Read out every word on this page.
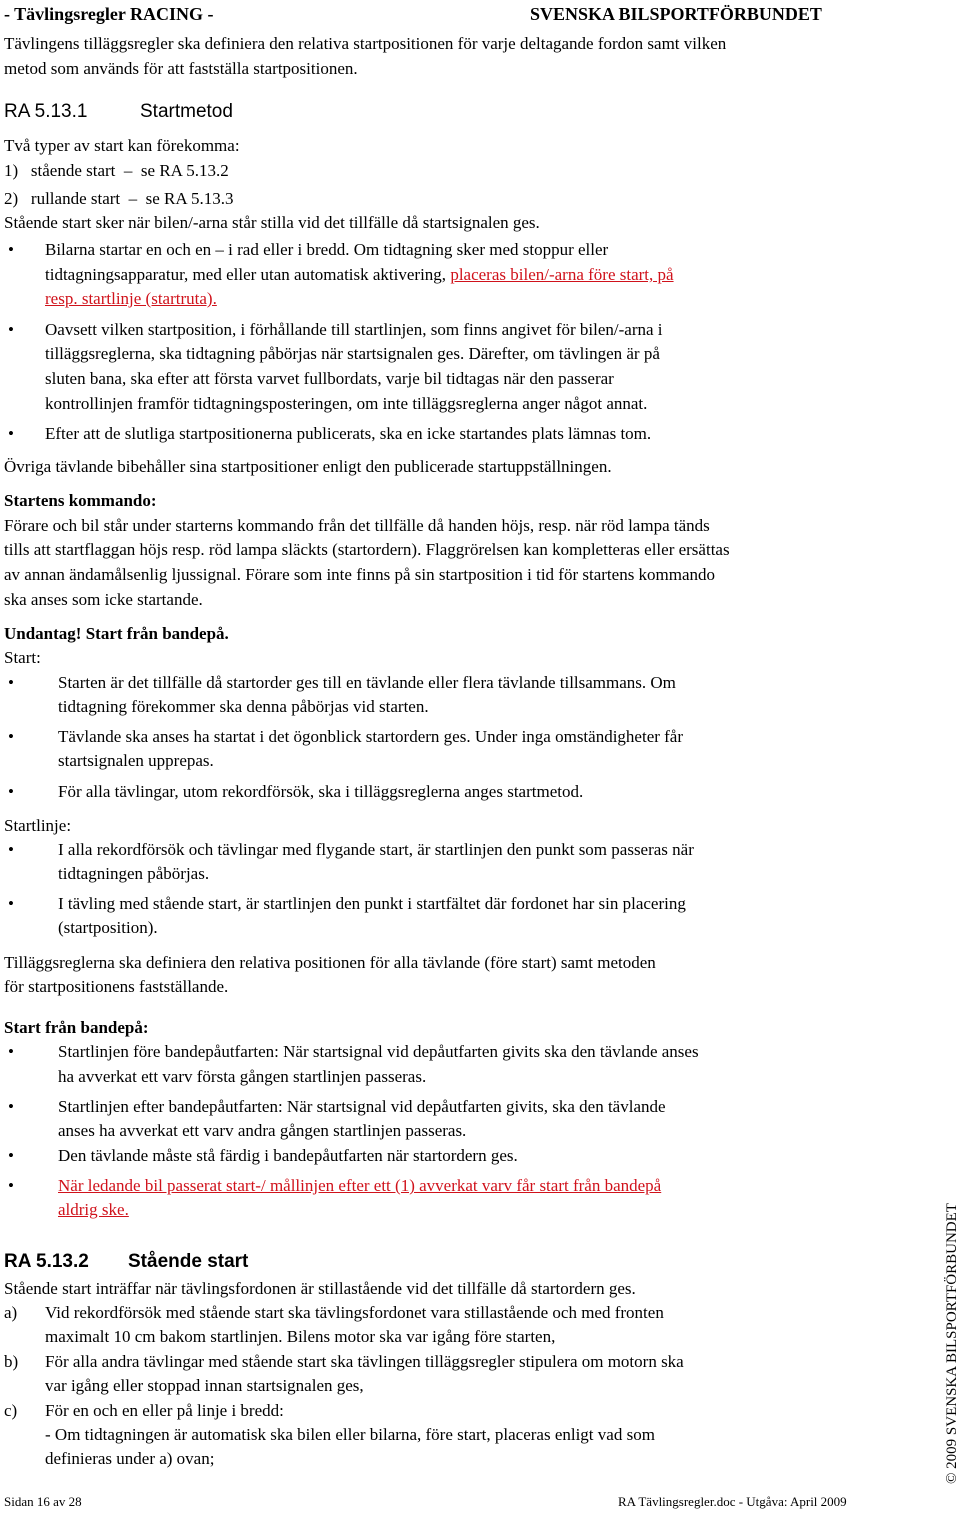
- Tävlingsregler RACING -	SVENSKA BILSPORTFÖRBUNDET
Tävlingens tilläggsregler ska definiera den relativa startpositionen för varje deltagande fordon samt vilken
metod som används för att fastställa startpositionen.
RA 5.13.1	Startmetod
Två typer av start kan förekomma:
1)   stående start  –  se RA 5.13.2
2)   rullande start  –  se RA 5.13.3
Stående start sker när bilen/-arna står stilla vid det tillfälle då startsignalen ges.
• Bilarna startar en och en – i rad eller i bredd. Om tidtagning sker med stoppur eller
tidtagningsapparatur, med eller utan automatisk aktivering, placeras bilen/-arna före start, på
resp. startlinje (startruta).
• Oavsett vilken startposition, i förhållande till startlinjen, som finns angivet för bilen/-arna i
tilläggsreglerna, ska tidtagning påbörjas när startsignalen ges. Därefter, om tävlingen är på
sluten bana, ska efter att första varvet fullbordats, varje bil tidtagas när den passerar
kontrollinjen framför tidtagningsposteringen, om inte tilläggsreglerna anger något annat.
• Efter att de slutliga startpositionerna publicerats, ska en icke startandes plats lämnas tom.
Övriga tävlande bibehåller sina startpositioner enligt den publicerade startuppställningen.
Startens kommando:
Förare och bil står under starterns kommando från det tillfälle då handen höjs, resp. när röd lampa tänds
tills att startflaggan höjs resp. röd lampa släckts (startordern). Flaggrörelsen kan kompletteras eller ersättas
av annan ändamålsenlig ljussignal. Förare som inte finns på sin startposition i tid för startens kommando
ska anses som icke startande.
Undantag! Start från bandepå.
Start:
•	Starten är det tillfälle då startorder ges till en tävlande eller flera tävlande tillsammans. Om
tidtagning förekommer ska denna påbörjas vid starten.
•	Tävlande ska anses ha startat i det ögonblick startordern ges. Under inga omständigheter får
startsignalen upprepas.
•	För alla tävlingar, utom rekordförsök, ska i tilläggsreglerna anges startmetod.
Startlinje:
•	I alla rekordförsök och tävlingar med flygande start, är startlinjen den punkt som passeras när
tidtagningen påbörjas.
•	I tävling med stående start, är startlinjen den punkt i startfältet där fordonet har sin placering
(startposition).
Tilläggsreglerna ska definiera den relativa positionen för alla tävlande (före start) samt metoden
för startpositionens fastställande.
Start från bandepå:
•	Startlinjen före bandepåutfarten: När startsignal vid depåutfarten givits ska den tävlande anses
ha avverkat ett varv första gången startlinjen passeras.
•	Startlinjen efter bandepåutfarten: När startsignal vid depåutfarten givits, ska den tävlande
anses ha avverkat ett varv andra gången startlinjen passeras.
•	Den tävlande måste stå färdig i bandepåutfarten när startordern ges.
•	När ledande bil passerat start-/ mållinjen efter ett (1) avverkat varv får start från bandepå
aldrig ske.
RA 5.13.2 Stående start
Stående start inträffar när tävlingsfordonen är stillastående vid det tillfälle då startordern ges.
a) Vid rekordförsök med stående start ska tävlingsfordonet vara stillastående och med fronten
maximalt 10 cm bakom startlinjen. Bilens motor ska var igång före starten,
b) För alla andra tävlingar med stående start ska tävlingen tilläggsregler stipulera om motorn ska
var igång eller stoppad innan startsignalen ges,
c) För en och en eller på linje i bredd:
- Om tidtagningen är automatisk ska bilen eller bilarna, före start, placeras enligt vad som
definieras under a) ovan;
Sidan 16 av 28	RA Tävlingsregler.doc - Utgåva: April 2009
© 2009 SVENSKA BILSPORTFÖRBUNDET
